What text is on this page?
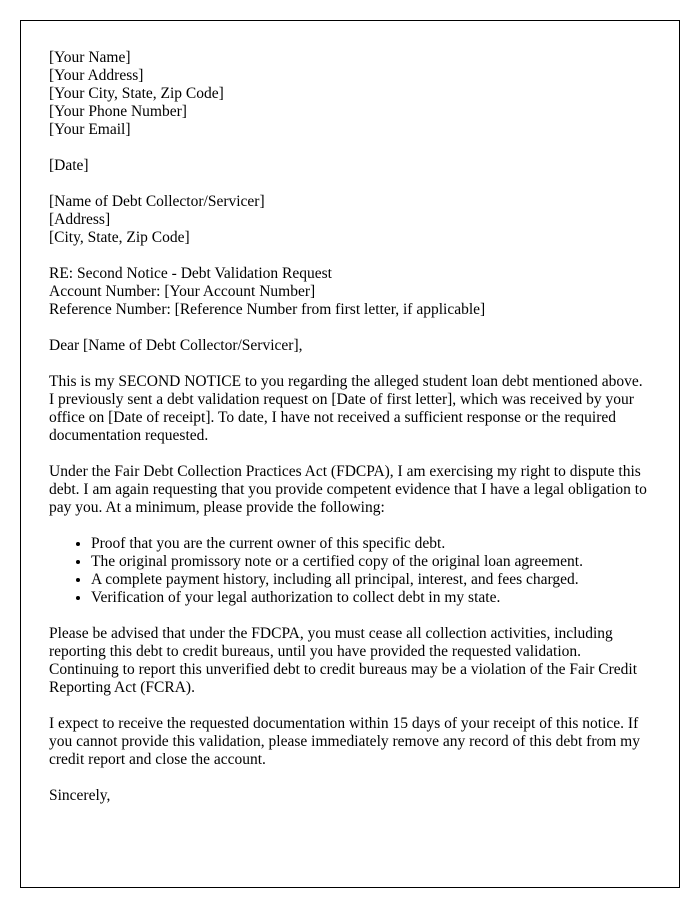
[Your Name]
[Your Address]
[Your City, State, Zip Code]
[Your Phone Number]
[Your Email]
[Date]
[Name of Debt Collector/Servicer]
[Address]
[City, State, Zip Code]
RE: Second Notice - Debt Validation Request
Account Number: [Your Account Number]
Reference Number: [Reference Number from first letter, if applicable]

Dear [Name of Debt Collector/Servicer],

This is my SECOND NOTICE to you regarding the alleged student loan debt mentioned above. I previously sent a debt validation request on [Date of first letter], which was received by your office on [Date of receipt]. To date, I have not received a sufficient response or the required documentation requested.

Under the Fair Debt Collection Practices Act (FDCPA), I am exercising my right to dispute this debt. I am again requesting that you provide competent evidence that I have a legal obligation to pay you. At a minimum, please provide the following:

• Proof that you are the current owner of this specific debt.
• The original promissory note or a certified copy of the original loan agreement.
• A complete payment history, including all principal, interest, and fees charged.
• Verification of your legal authorization to collect debt in my state.

Please be advised that under the FDCPA, you must cease all collection activities, including reporting this debt to credit bureaus, until you have provided the requested validation. Continuing to report this unverified debt to credit bureaus may be a violation of the Fair Credit Reporting Act (FCRA).

I expect to receive the requested documentation within 15 days of your receipt of this notice. If you cannot provide this validation, please immediately remove any record of this debt from my credit report and close the account.

Sincerely,
